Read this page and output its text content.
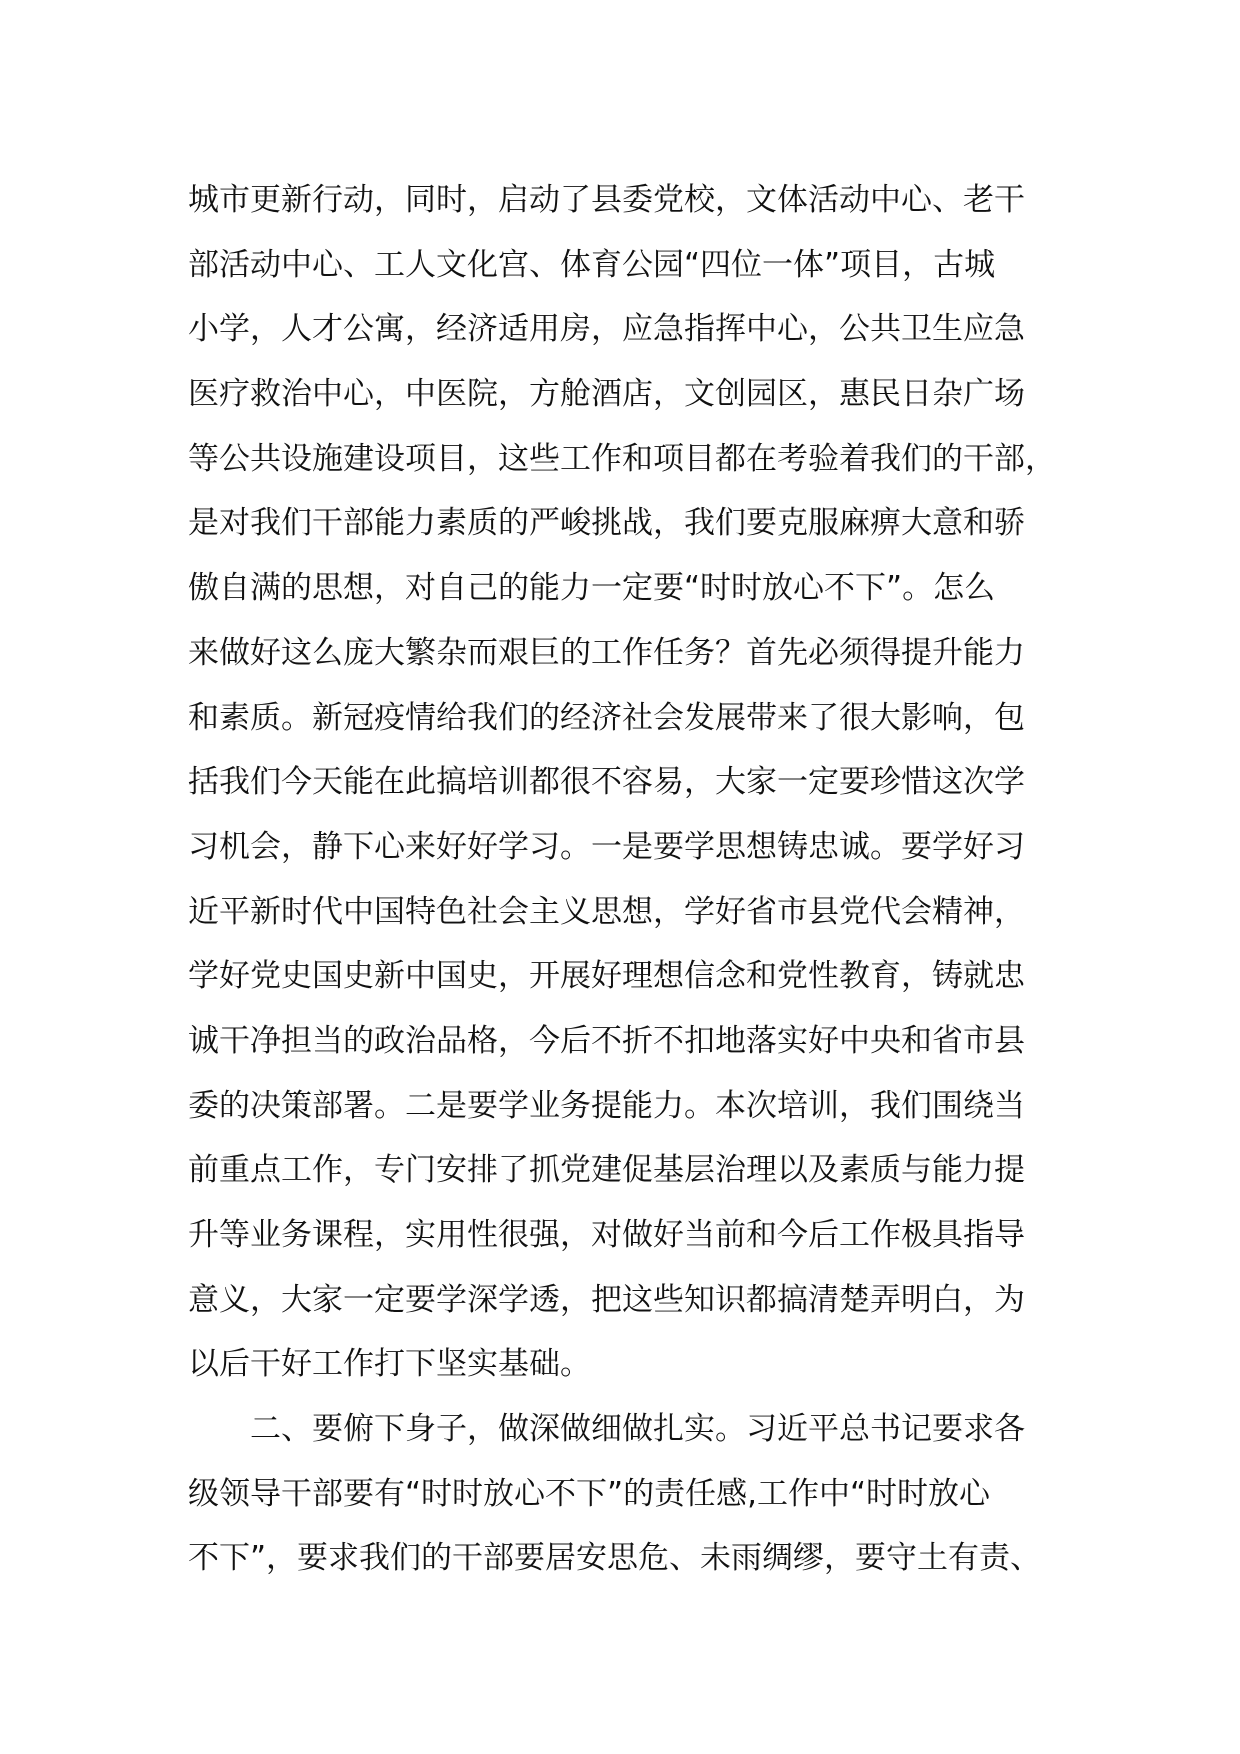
城市更新行动，同时，启动了县委党校，文体活动中心、老干
部活动中心、工人文化宫、体育公园“四位一体”项目，古城
小学，人才公寓，经济适用房，应急指挥中心，公共卫生应急
医疗救治中心，中医院，方舱酒店，文创园区，惠民日杂广场
等公共设施建设项目，这些工作和项目都在考验着我们的干部，
是对我们干部能力素质的严峻挑战，我们要克服麻痹大意和骄
傲自满的思想，对自己的能力一定要“时时放心不下”。怎么
来做好这么庞大繁杂而艰巨的工作任务？首先必须得提升能力
和素质。新冠疫情给我们的经济社会发展带来了很大影响，包
括我们今天能在此搞培训都很不容易，大家一定要珍惜这次学
习机会，静下心来好好学习。一是要学思想铸忠诚。要学好习
近平新时代中国特色社会主义思想，学好省市县党代会精神，
学好党史国史新中国史，开展好理想信念和党性教育，铸就忠
诚干净担当的政治品格，今后不折不扣地落实好中央和省市县
委的决策部署。二是要学业务提能力。本次培训，我们围绕当
前重点工作，专门安排了抓党建促基层治理以及素质与能力提
升等业务课程，实用性很强，对做好当前和今后工作极具指导
意义，大家一定要学深学透，把这些知识都搞清楚弄明白，为
以后干好工作打下坚实基础。
　　二、要俯下身子，做深做细做扎实。习近平总书记要求各
级领导干部要有“时时放心不下”的责任感,工作中“时时放心
不下”，要求我们的干部要居安思危、未雨绸缪，要守土有责、
